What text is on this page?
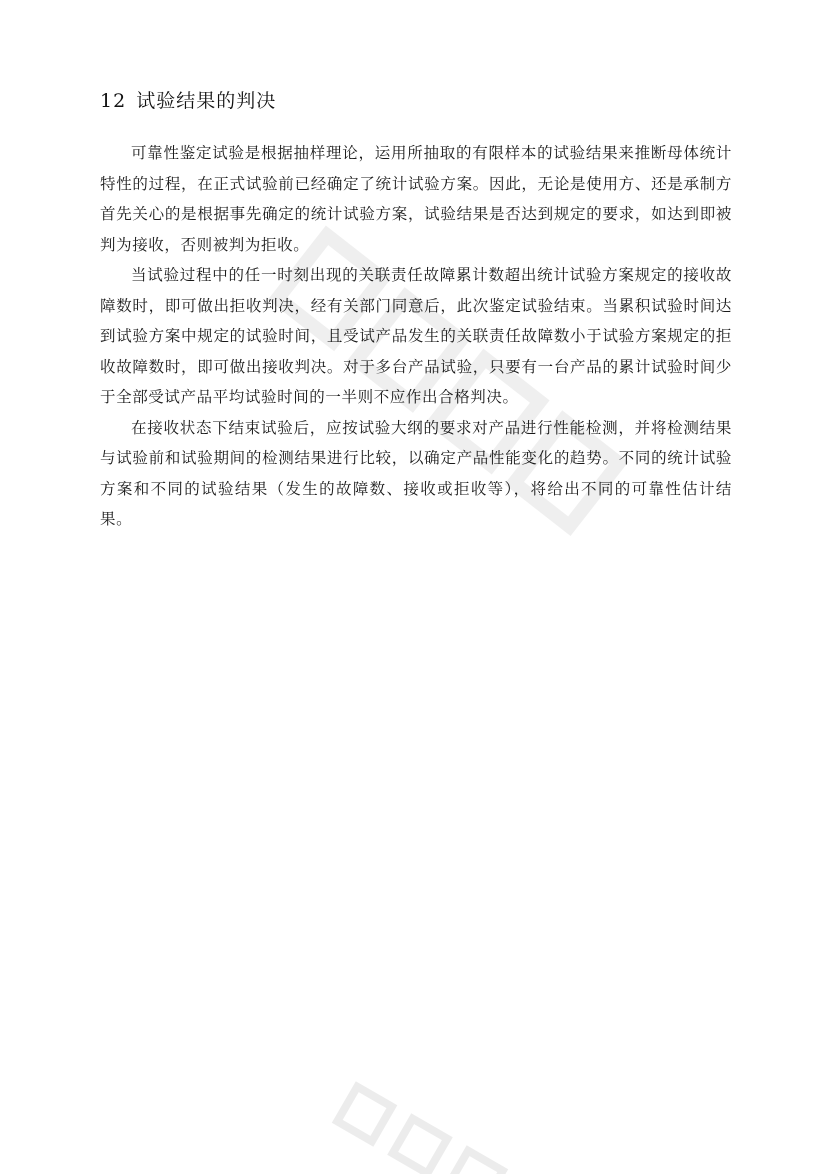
12 试验结果的判决

可靠性鉴定试验是根据抽样理论，运用所抽取的有限样本的试验结果来推断母体统计特性的过程，在正式试验前已经确定了统计试验方案。因此，无论是使用方、还是承制方首先关心的是根据事先确定的统计试验方案，试验结果是否达到规定的要求，如达到即被判为接收，否则被判为拒收。

当试验过程中的任一时刻出现的关联责任故障累计数超出统计试验方案规定的接收故障数时，即可做出拒收判决，经有关部门同意后，此次鉴定试验结束。当累积试验时间达到试验方案中规定的试验时间，且受试产品发生的关联责任故障数小于试验方案规定的拒收故障数时，即可做出接收判决。对于多台产品试验，只要有一台产品的累计试验时间少于全部受试产品平均试验时间的一半则不应作出合格判决。

在接收状态下结束试验后，应按试验大纲的要求对产品进行性能检测，并将检测结果与试验前和试验期间的检测结果进行比较，以确定产品性能变化的趋势。不同的统计试验方案和不同的试验结果（发生的故障数、接收或拒收等），将给出不同的可靠性估计结果。
